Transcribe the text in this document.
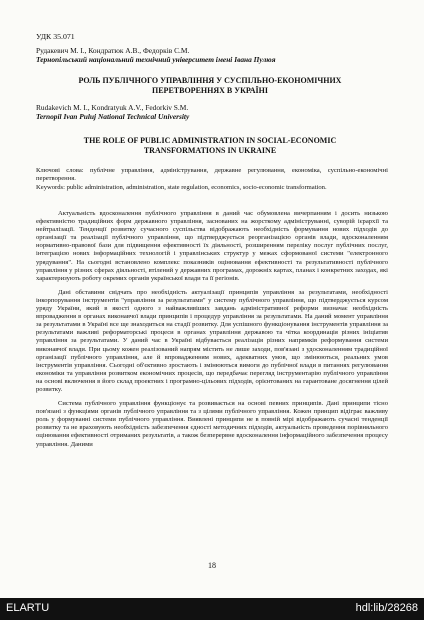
УДК 35.071
Рудакевич М. І., Кондратюк А.В., Федорків С.М.
Тернопільський національний технічний університет імені Івана Пулюя
РОЛЬ ПУБЛІЧНОГО УПРАВЛІННЯ У СУСПІЛЬНО-ЕКОНОМІЧНИХ ПЕРЕТВОРЕННЯХ В УКРАЇНІ
Rudakevich M. I., Kondratyuk A.V., Fedorkiv S.M.
Ternopil Ivan Puluj National Technical University
THE ROLE OF PUBLIC ADMINISTRATION IN SOCIAL-ECONOMIC TRANSFORMATIONS IN UKRAINE
Ключові слова: публічне управління, адміністрування, державне регулювання, економіка, суспільно-економічні перетворення.
Keywords: public administration, administration, state regulation, economics, socio-economic transformation.

Актуальність вдосконалення публічного управління в даний час обумовлена вичерпанням і досить низькою ефективністю традиційних форм державного управління, заснованих на жорсткому адмініструванні, суворій ієрархії та нейтралізації. Тенденції розвитку сучасного суспільства відображають необхідність формування нових підходів до організації та реалізації публічного управління, що підтверджується реорганізацією органів влади, вдосконаленням нормативно-правової бази для підвищення ефективності їх діяльності, розширенням переліку послуг публічних послуг, інтеграцією нових інформаційних технологій і управлінських структур у межах сформованої системи "електронного урядування". На сьогодні встановлено комплекс показників оцінювання ефективності та результативності публічного управління у різних сферах діяльності, втілений у державних програмах, дорожніх картах, планах і конкретних заходах, які характеризують роботу окремих органів української влади та її регіонів.

Дані обставини свідчать про необхідність актуалізації принципів управління за результатами, необхідності інкорпорування інструментів "управління за результатами" у систему публічного управління, що підтверджується курсом уряду України, який в якості одного з найважливіших завдань адміністративної реформи визначає необхідність впровадження в органах виконавчої влади принципів і процедур управління за результатами. На даний момент управління за результатами в Україні все ще знаходиться на стадії розвитку. Для успішного функціонування інструментів управління за результатами важливі реформаторські процеси в органах управління державою та чітка координація різних ініціатив управління за результатами. У даний час в Україні відбувається реалізація різних напрямків реформування системи виконавчої влади. При цьому кожен реалізований напрям містить не лише заходи, пов'язані з удосконаленням традиційної організації публічного управління, але й впровадженням нових, адекватних умов, що змінюються, реальних умов інструментів управління. Сьогодні об'єктивно зростають і змінюються вимоги до публічної влади в питаннях регулювання економіки та управління розвитком економічних процесів, що передбачає перегляд інструментарію публічного управління на основі включення в його склад проектних і програмно-цільових підходів, орієнтованих на гарантоване досягнення цілей розвитку.

Система публічного управління функціонує та розвивається на основі певних принципів. Дані принципи тісно пов'язані з функціями органів публічного управління та з цілями публічного управління. Кожен принцип відіграє важливу роль у формуванні системи публічного управління. Виявлені принципи не в повній мірі відображають сучасні тенденції розвитку та не враховують необхідність забезпечення єдності методичних підходів, актуальність проведення порівняльного оцінювання ефективності отриманих результатів, а також безперервне вдосконалення інформаційного забезпечення процесу управління. Даними

18
ELARTU	hdl:lib/28268
